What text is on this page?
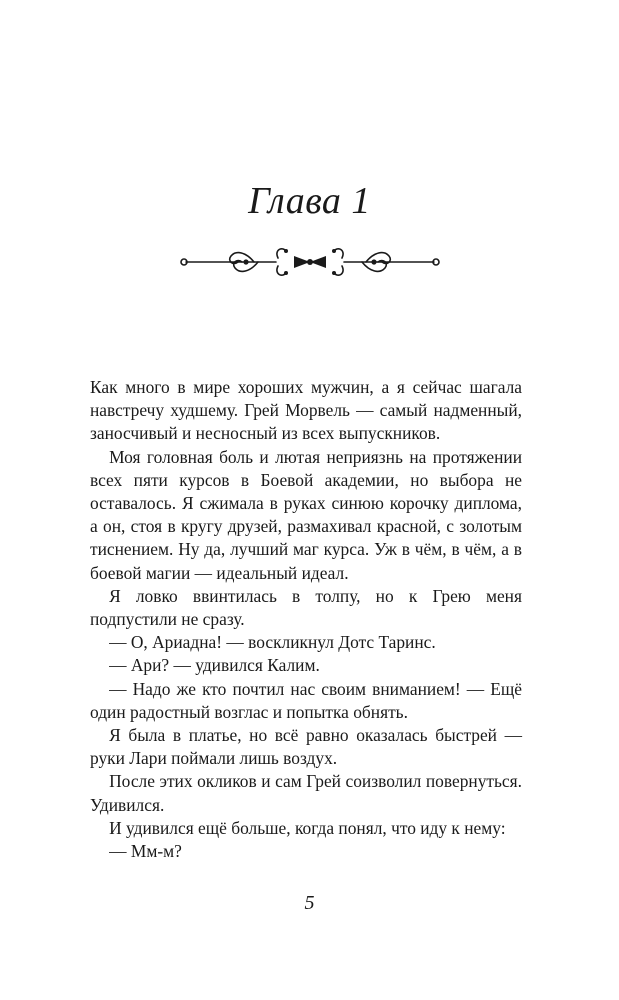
Глава 1

Как много в мире хороших мужчин, а я сейчас шагала навстречу худшему. Грей Морвель — самый надменный, заносчивый и несносный из всех выпускников.

Моя головная боль и лютая неприязнь на протяжении всех пяти курсов в Боевой академии, но выбора не оставалось. Я сжимала в руках синюю корочку диплома, а он, стоя в кругу друзей, размахивал красной, с золотым тиснением. Ну да, лучший маг курса. Уж в чём, в чём, а в боевой магии — идеальный идеал.

Я ловко ввинтилась в толпу, но к Грею меня подпустили не сразу.

— О, Ариадна! — воскликнул Дотс Таринс.

— Ари? — удивился Калим.

— Надо же кто почтил нас своим вниманием! — Ещё один радостный возглас и попытка обнять.

Я была в платье, но всё равно оказалась быстрей — руки Лари поймали лишь воздух.

После этих окликов и сам Грей соизволил повернуться. Удивился.

И удивился ещё больше, когда понял, что иду к нему:

— Мм-м?

5
